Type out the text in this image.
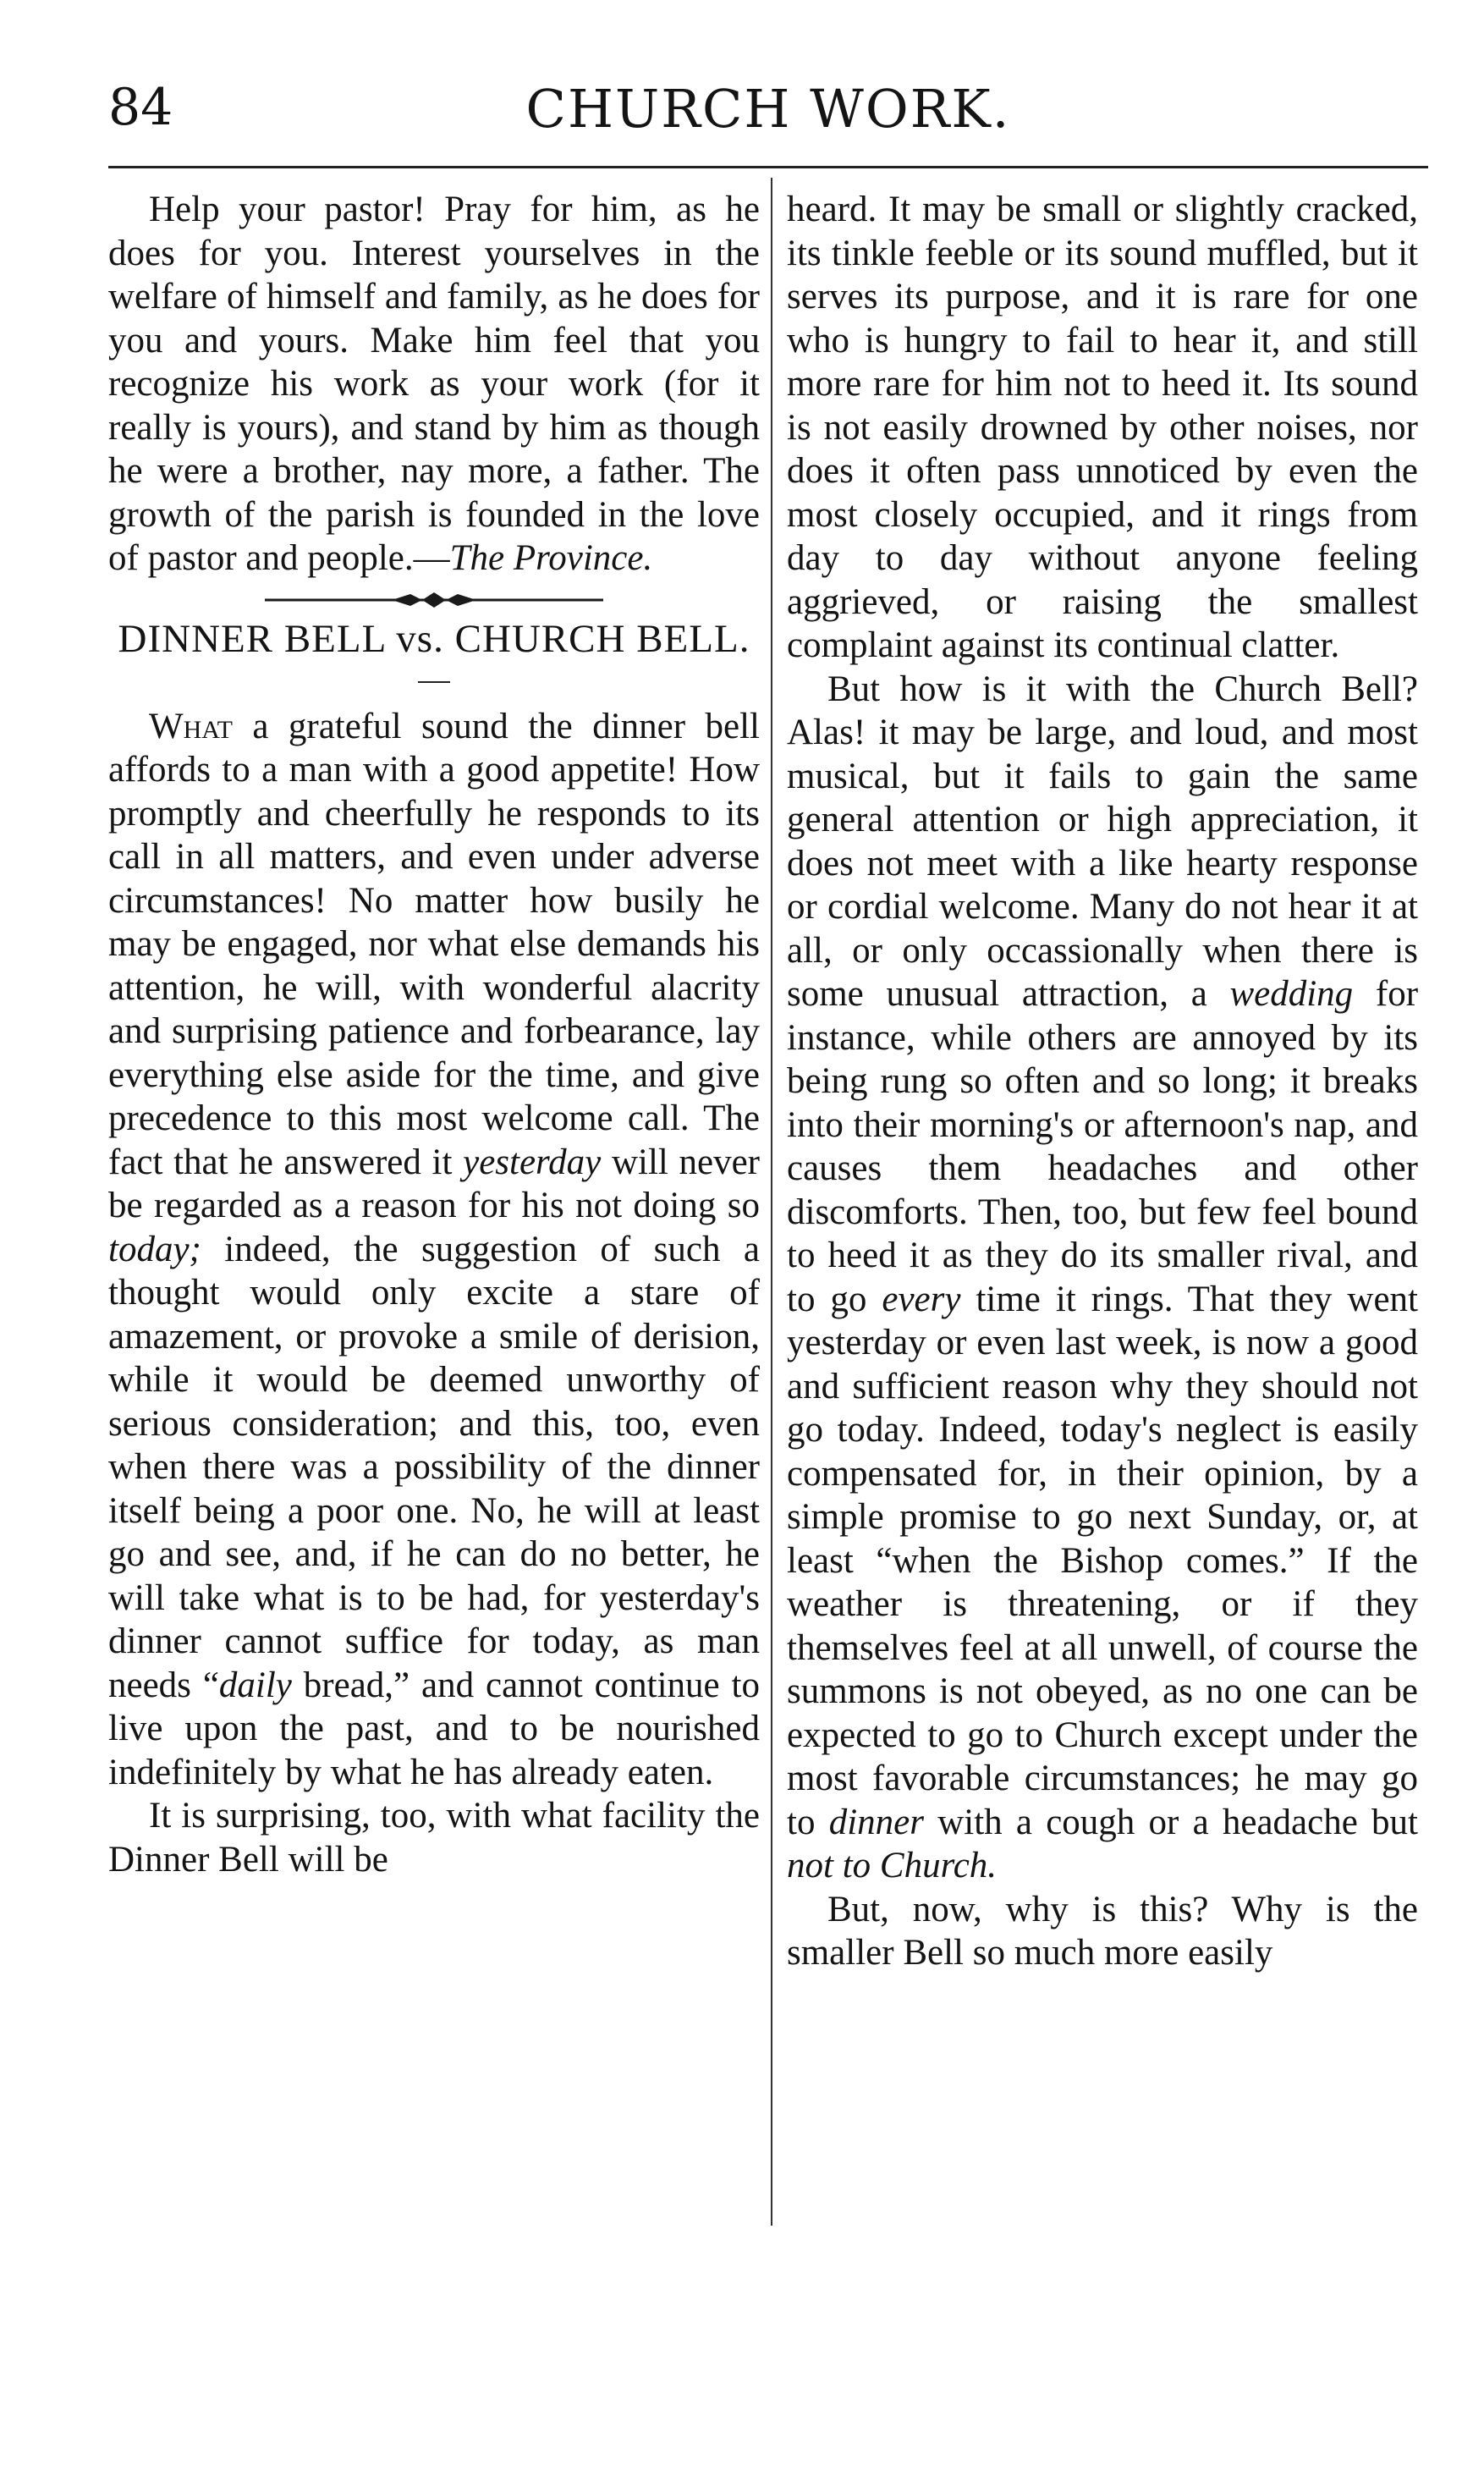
84	CHURCH WORK.

Help your pastor! Pray for him, as he does for you. Interest yourselves in the welfare of himself and family, as he does for you and yours. Make him feel that you recognize his work as your work (for it really is yours), and stand by him as though he were a brother, nay more, a father. The growth of the parish is founded in the love of pastor and people.—The Province.

DINNER BELL vs. CHURCH BELL.

What a grateful sound the dinner bell affords to a man with a good appetite! How promptly and cheerfully he responds to its call in all matters, and even under adverse circumstances! No matter how busily he may be engaged, nor what else demands his attention, he will, with wonderful alacrity and surprising patience and forbearance, lay everything else aside for the time, and give precedence to this most welcome call. The fact that he answered it yesterday will never be regarded as a reason for his not doing so today; indeed, the suggestion of such a thought would only excite a stare of amazement, or provoke a smile of derision, while it would be deemed unworthy of serious consideration; and this, too, even when there was a possibility of the dinner itself being a poor one. No, he will at least go and see, and, if he can do no better, he will take what is to be had, for yesterday's dinner cannot suffice for today, as man needs “daily bread,” and cannot continue to live upon the past, and to be nourished indefinitely by what he has already eaten.

It is surprising, too, with what facility the Dinner Bell will be

heard. It may be small or slightly cracked, its tinkle feeble or its sound muffled, but it serves its purpose, and it is rare for one who is hungry to fail to hear it, and still more rare for him not to heed it. Its sound is not easily drowned by other noises, nor does it often pass unnoticed by even the most closely occupied, and it rings from day to day without anyone feeling aggrieved, or raising the smallest complaint against its continual clatter.

But how is it with the Church Bell? Alas! it may be large, and loud, and most musical, but it fails to gain the same general attention or high appreciation, it does not meet with a like hearty response or cordial welcome. Many do not hear it at all, or only occassionally when there is some unusual attraction, a wedding for instance, while others are annoyed by its being rung so often and so long; it breaks into their morning's or afternoon's nap, and causes them headaches and other discomforts. Then, too, but few feel bound to heed it as they do its smaller rival, and to go every time it rings. That they went yesterday or even last week, is now a good and sufficient reason why they should not go today. Indeed, today's neglect is easily compensated for, in their opinion, by a simple promise to go next Sunday, or, at least “when the Bishop comes.” If the weather is threatening, or if they themselves feel at all unwell, of course the summons is not obeyed, as no one can be expected to go to Church except under the most favorable circumstances; he may go to dinner with a cough or a headache but not to Church.

But, now, why is this? Why is the smaller Bell so much more easily
